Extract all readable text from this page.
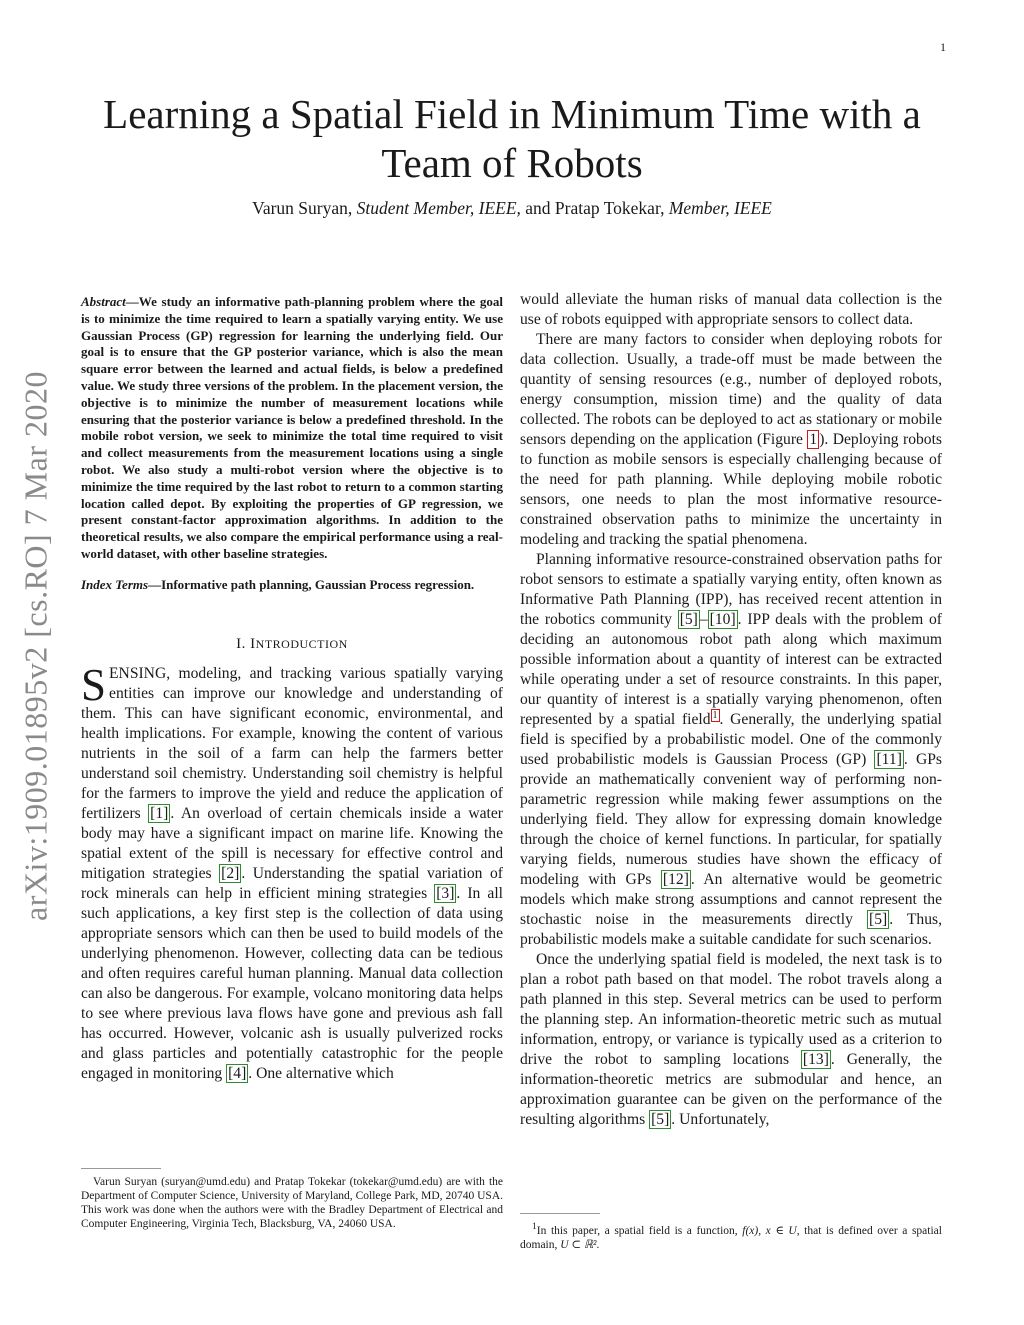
1
arXiv:1909.01895v2 [cs.RO] 7 Mar 2020
Learning a Spatial Field in Minimum Time with a Team of Robots
Varun Suryan, Student Member, IEEE, and Pratap Tokekar, Member, IEEE
Abstract—We study an informative path-planning problem where the goal is to minimize the time required to learn a spatially varying entity. We use Gaussian Process (GP) regression for learning the underlying field. Our goal is to ensure that the GP posterior variance, which is also the mean square error between the learned and actual fields, is below a predefined value. We study three versions of the problem. In the placement version, the objective is to minimize the number of measurement locations while ensuring that the posterior variance is below a predefined threshold. In the mobile robot version, we seek to minimize the total time required to visit and collect measurements from the measurement locations using a single robot. We also study a multi-robot version where the objective is to minimize the time required by the last robot to return to a common starting location called depot. By exploiting the properties of GP regression, we present constant-factor approximation algorithms. In addition to the theoretical results, we also compare the empirical performance using a real-world dataset, with other baseline strategies.
Index Terms—Informative path planning, Gaussian Process regression.
I. INTRODUCTION

SENSING, modeling, and tracking various spatially varying entities can improve our knowledge and understanding of them. This can have significant economic, environmental, and health implications. For example, knowing the content of various nutrients in the soil of a farm can help the farmers better understand soil chemistry. Understanding soil chemistry is helpful for the farmers to improve the yield and reduce the application of fertilizers [1] . An overload of certain chemicals inside a water body may have a significant impact on marine life. Knowing the spatial extent of the spill is necessary for effective control and mitigation strategies [2] . Understanding the spatial variation of rock minerals can help in efficient mining strategies [3] . In all such applications, a key first step is the collection of data using appropriate sensors which can then be used to build models of the underlying phenomenon. However, collecting data can be tedious and often requires careful human planning. Manual data collection can also be dangerous. For example, volcano monitoring data helps to see where previous lava flows have gone and previous ash fall has occurred. However, volcanic ash is usually pulverized rocks and glass particles and potentially catastrophic for the people engaged in monitoring [4] . One alternative which

Varun Suryan (suryan@umd.edu) and Pratap Tokekar (tokekar@umd.edu) are with the Department of Computer Science, University of Maryland, College Park, MD, 20740 USA. This work was done when the authors were with the Bradley Department of Electrical and Computer Engineering, Virginia Tech, Blacksburg, VA, 24060 USA.

would alleviate the human risks of manual data collection is the use of robots equipped with appropriate sensors to collect data.

There are many factors to consider when deploying robots for data collection. Usually, a trade-off must be made between the quantity of sensing resources (e.g., number of deployed robots, energy consumption, mission time) and the quality of data collected. The robots can be deployed to act as stationary or mobile sensors depending on the application (Figure 1 ). Deploying robots to function as mobile sensors is especially challenging because of the need for path planning. While deploying mobile robotic sensors, one needs to plan the most informative resource-constrained observation paths to minimize the uncertainty in modeling and tracking the spatial phenomena.

Planning informative resource-constrained observation paths for robot sensors to estimate a spatially varying entity, often known as Informative Path Planning (IPP), has received recent attention in the robotics community [5] – [10] . IPP deals with the problem of deciding an autonomous robot path along which maximum possible information about a quantity of interest can be extracted while operating under a set of resource constraints. In this paper, our quantity of interest is a spatially varying phenomenon, often represented by a spatial field $^1$ . Generally, the underlying spatial field is specified by a probabilistic model. One of the commonly used probabilistic models is Gaussian Process (GP) [11] . GPs provide an mathematically convenient way of performing non-parametric regression while making fewer assumptions on the underlying field. They allow for expressing domain knowledge through the choice of kernel functions. In particular, for spatially varying fields, numerous studies have shown the efficacy of modeling with GPs [12] . An alternative would be geometric models which make strong assumptions and cannot represent the stochastic noise in the measurements directly [5] . Thus, probabilistic models make a suitable candidate for such scenarios.

Once the underlying spatial field is modeled, the next task is to plan a robot path based on that model. The robot travels along a path planned in this step. Several metrics can be used to perform the planning step. An information-theoretic metric such as mutual information, entropy, or variance is typically used as a criterion to drive the robot to sampling locations [13] . Generally, the information-theoretic metrics are submodular and hence, an approximation guarantee can be given on the performance of the resulting algorithms [5] . Unfortunately,

$^1$In this paper, a spatial field is a function, f(x), x ∈ U, that is defined over a spatial domain, U ⊂ ℝ².
